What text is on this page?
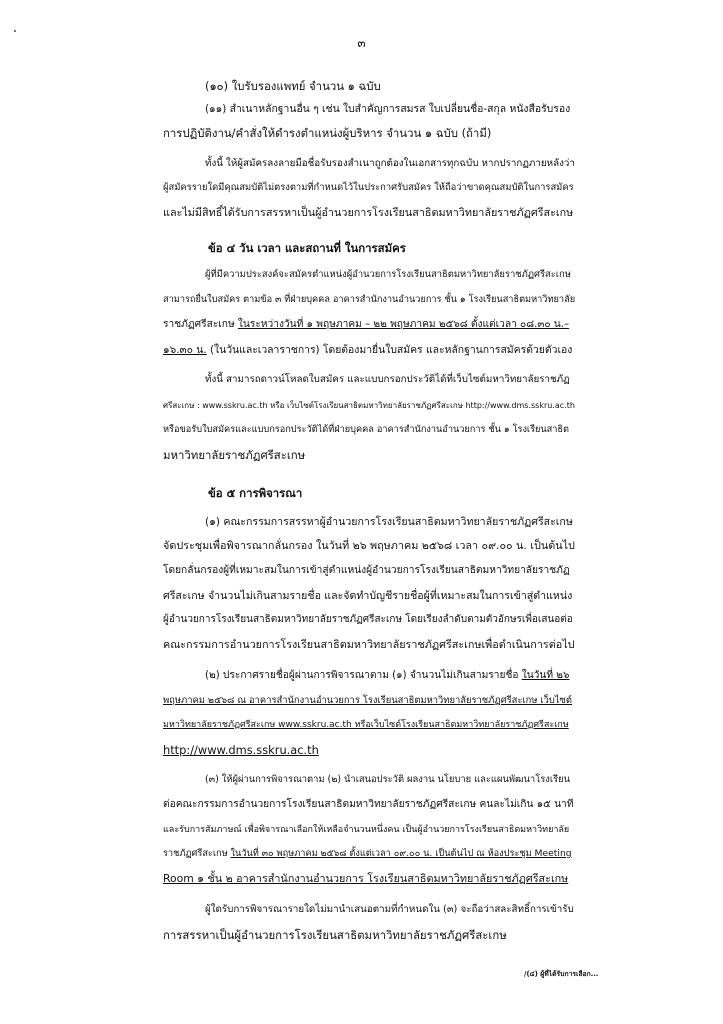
๓
(๑๐) ใบรับรองแพทย์ จำนวน ๑ ฉบับ
(๑๑) สำเนาหลักฐานอื่น ๆ เช่น ใบสำคัญการสมรส ใบเปลี่ยนชื่อ-สกุล หนังสือรับรอง
การปฏิบัติงาน/คำสั่งให้ดำรงตำแหน่งผู้บริหาร จำนวน ๑ ฉบับ (ถ้ามี)
ทั้งนี้ ให้ผู้สมัครลงลายมือชื่อรับรองสำเนาถูกต้องในเอกสารทุกฉบับ หากปรากฏภายหลังว่า
ผู้สมัครรายใดมีคุณสมบัติไม่ตรงตามที่กำหนดไว้ในประกาศรับสมัคร ให้ถือว่าขาดคุณสมบัติในการสมัคร
และไม่มีสิทธิ์ได้รับการสรรหาเป็นผู้อำนวยการโรงเรียนสาธิตมหาวิทยาลัยราชภัฏศรีสะเกษ
ข้อ ๔ วัน เวลา และสถานที่ ในการสมัคร
ผู้ที่มีความประสงค์จะสมัครตำแหน่งผู้อำนวยการโรงเรียนสาธิตมหาวิทยาลัยราชภัฏศรีสะเกษ
สามารถยื่นใบสมัคร ตามข้อ ๓ ที่ฝ่ายบุคคล อาคารสำนักงานอำนวยการ ชั้น ๑ โรงเรียนสาธิตมหาวิทยาลัย
ราชภัฏศรีสะเกษ ในระหว่างวันที่ ๑ พฤษภาคม – ๒๒ พฤษภาคม ๒๕๖๘ ตั้งแต่เวลา ๐๘.๓๐ น.–
๑๖.๓๐ น. (ในวันและเวลาราชการ) โดยต้องมายื่นใบสมัคร และหลักฐานการสมัครด้วยตัวเอง
ทั้งนี้ สามารถดาวน์โหลดใบสมัคร และแบบกรอกประวัติได้ที่เว็บไซต์มหาวิทยาลัยราชภัฏ
ศรีสะเกษ : www.sskru.ac.th หรือ เว็บไซต์โรงเรียนสาธิตมหาวิทยาลัยราชภัฏศรีสะเกษ http://www.dms.sskru.ac.th
หรือขอรับใบสมัครและแบบกรอกประวัติได้ที่ฝ่ายบุคคล อาคารสำนักงานอำนวยการ ชั้น ๑ โรงเรียนสาธิต
มหาวิทยาลัยราชภัฏศรีสะเกษ
ข้อ ๕ การพิจารณา
(๑) คณะกรรมการสรรหาผู้อำนวยการโรงเรียนสาธิตมหาวิทยาลัยราชภัฏศรีสะเกษ
จัดประชุมเพื่อพิจารณากลั่นกรอง ในวันที่ ๒๖ พฤษภาคม ๒๕๖๘ เวลา ๐๙.๐๐ น. เป็นต้นไป
โดยกลั่นกรองผู้ที่เหมาะสมในการเข้าสู่ตำแหน่งผู้อำนวยการโรงเรียนสาธิตมหาวิทยาลัยราชภัฏ
ศรีสะเกษ จำนวนไม่เกินสามรายชื่อ และจัดทำบัญชีรายชื่อผู้ที่เหมาะสมในการเข้าสู่ตำแหน่ง
ผู้อำนวยการโรงเรียนสาธิตมหาวิทยาลัยราชภัฏศรีสะเกษ โดยเรียงลำดับตามตัวอักษรเพื่อเสนอต่อ
คณะกรรมการอำนวยการโรงเรียนสาธิตมหาวิทยาลัยราชภัฏศรีสะเกษเพื่อดำเนินการต่อไป
(๒) ประกาศรายชื่อผู้ผ่านการพิจารณาตาม (๑) จำนวนไม่เกินสามรายชื่อ ในวันที่ ๒๖
พฤษภาคม ๒๕๖๘ ณ อาคารสำนักงานอำนวยการ โรงเรียนสาธิตมหาวิทยาลัยราชภัฏศรีสะเกษ เว็บไซต์
มหาวิทยาลัยราชภัฏศรีสะเกษ www.sskru.ac.th หรือเว็บไซต์โรงเรียนสาธิตมหาวิทยาลัยราชภัฏศรีสะเกษ
http://www.dms.sskru.ac.th
(๓) ให้ผู้ผ่านการพิจารณาตาม (๒) นำเสนอประวัติ ผลงาน นโยบาย และแผนพัฒนาโรงเรียน
ต่อคณะกรรมการอำนวยการโรงเรียนสาธิตมหาวิทยาลัยราชภัฏศรีสะเกษ คนละไม่เกิน ๑๕ นาที
และรับการสัมภาษณ์ เพื่อพิจารณาเลือกให้เหลือจำนวนหนึ่งคน เป็นผู้อำนวยการโรงเรียนสาธิตมหาวิทยาลัย
ราชภัฏศรีสะเกษ ในวันที่ ๓๐ พฤษภาคม ๒๕๖๘ ตั้งแต่เวลา ๐๙.๐๐ น. เป็นต้นไป ณ ห้องประชุม Meeting
Room ๑ ชั้น ๒ อาคารสำนักงานอำนวยการ โรงเรียนสาธิตมหาวิทยาลัยราชภัฏศรีสะเกษ
ผู้ใดรับการพิจารณารายใดไม่มานำเสนอตามที่กำหนดใน (๓) จะถือว่าสละสิทธิ์การเข้ารับ
การสรรหาเป็นผู้อำนวยการโรงเรียนสาธิตมหาวิทยาลัยราชภัฏศรีสะเกษ
/(๔) ผู้ที่ได้รับการเลือก...
